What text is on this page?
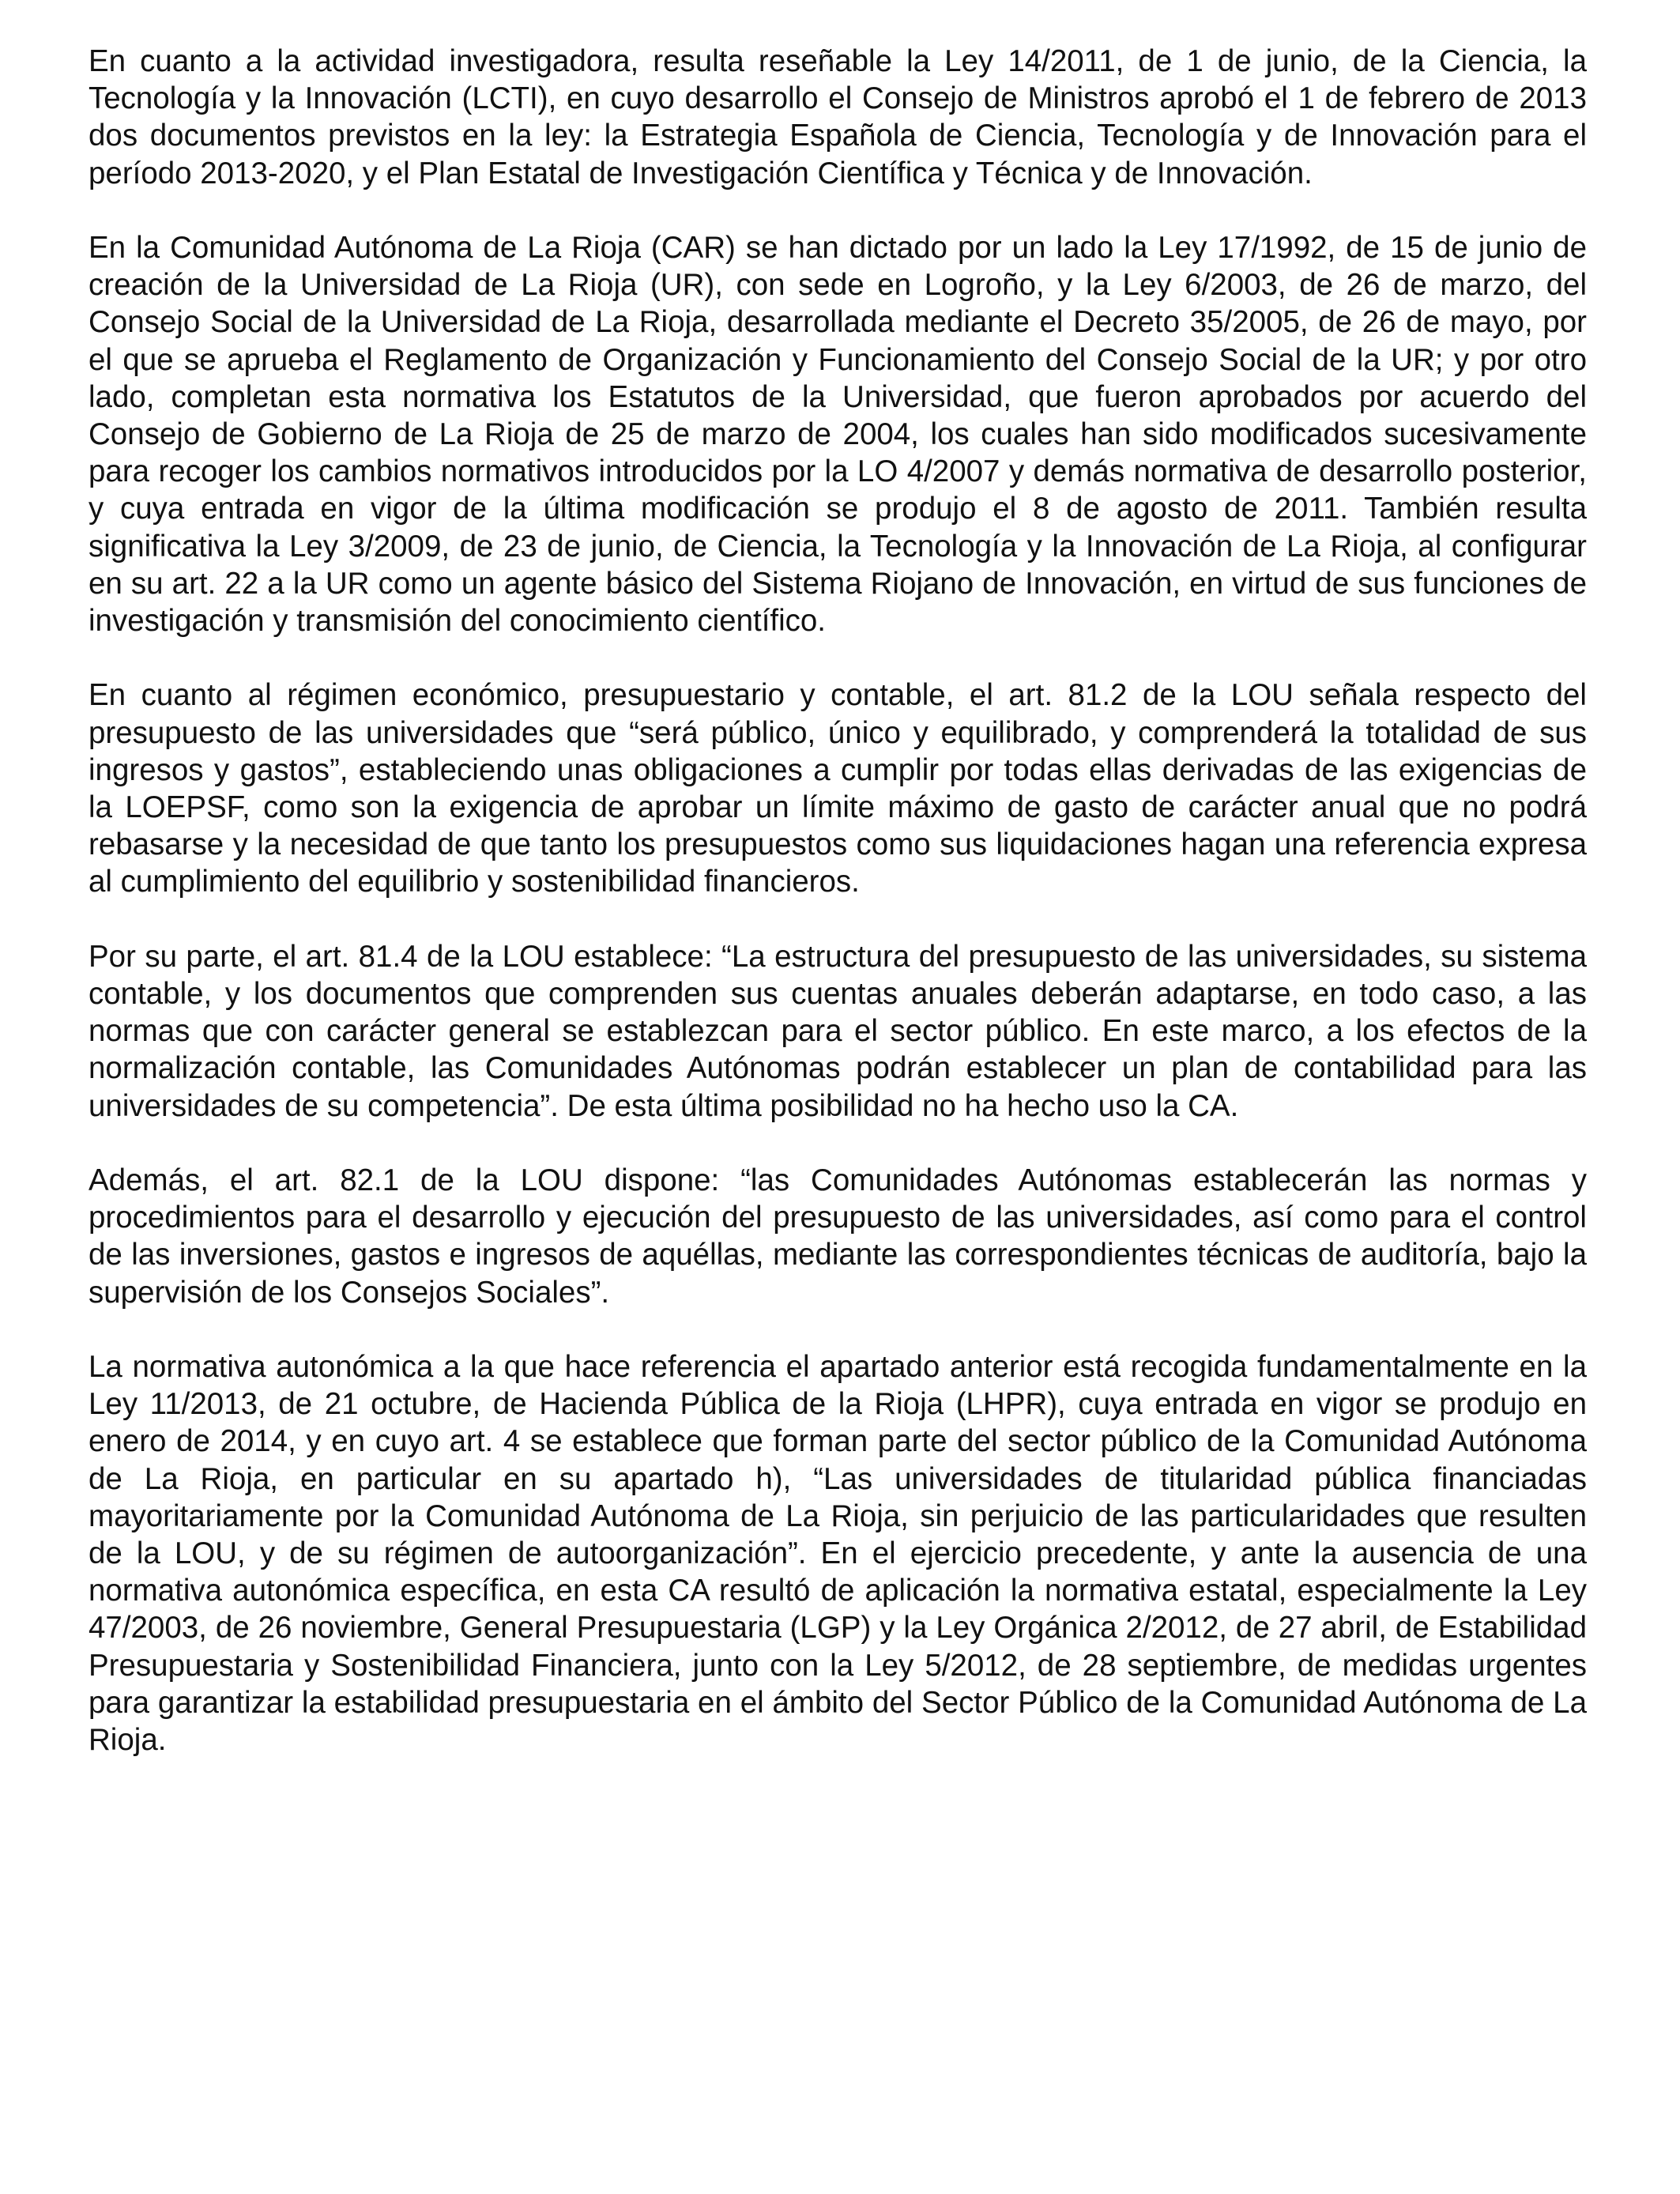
En cuanto a la actividad investigadora, resulta reseñable la Ley 14/2011, de 1 de junio, de la Ciencia, la Tecnología y la Innovación (LCTI), en cuyo desarrollo el Consejo de Ministros aprobó el 1 de febrero de 2013 dos documentos previstos en la ley: la Estrategia Española de Ciencia, Tecnología y de Innovación para el período 2013-2020, y el Plan Estatal de Investigación Científica y Técnica y de Innovación.

En la Comunidad Autónoma de La Rioja (CAR) se han dictado por un lado la Ley 17/1992, de 15 de junio de creación de la Universidad de La Rioja (UR), con sede en Logroño, y la Ley 6/2003, de 26 de marzo, del Consejo Social de la Universidad de La Rioja, desarrollada mediante el Decreto 35/2005, de 26 de mayo, por el que se aprueba el Reglamento de Organización y Funcionamiento del Consejo Social de la UR; y por otro lado, completan esta normativa los Estatutos de la Universidad, que fueron aprobados por acuerdo del Consejo de Gobierno de La Rioja de 25 de marzo de 2004, los cuales han sido modificados sucesivamente para recoger los cambios normativos introducidos por la LO 4/2007 y demás normativa de desarrollo posterior, y cuya entrada en vigor de la última modificación se produjo el 8 de agosto de 2011. También resulta significativa la Ley 3/2009, de 23 de junio, de Ciencia, la Tecnología y la Innovación de La Rioja, al configurar en su art. 22 a la UR como un agente básico del Sistema Riojano de Innovación, en virtud de sus funciones de investigación y transmisión del conocimiento científico.

En cuanto al régimen económico, presupuestario y contable, el art. 81.2 de la LOU señala respecto del presupuesto de las universidades que “será público, único y equilibrado, y comprenderá la totalidad de sus ingresos y gastos”, estableciendo unas obligaciones a cumplir por todas ellas derivadas de las exigencias de la LOEPSF, como son la exigencia de aprobar un límite máximo de gasto de carácter anual que no podrá rebasarse y la necesidad de que tanto los presupuestos como sus liquidaciones hagan una referencia expresa al cumplimiento del equilibrio y sostenibilidad financieros.

Por su parte, el art. 81.4 de la LOU establece: “La estructura del presupuesto de las universidades, su sistema contable, y los documentos que comprenden sus cuentas anuales deberán adaptarse, en todo caso, a las normas que con carácter general se establezcan para el sector público. En este marco, a los efectos de la normalización contable, las Comunidades Autónomas podrán establecer un plan de contabilidad para las universidades de su competencia”. De esta última posibilidad no ha hecho uso la CA.

Además, el art. 82.1 de la LOU dispone: “las Comunidades Autónomas establecerán las normas y procedimientos para el desarrollo y ejecución del presupuesto de las universidades, así como para el control de las inversiones, gastos e ingresos de aquéllas, mediante las correspondientes técnicas de auditoría, bajo la supervisión de los Consejos Sociales”.

La normativa autonómica a la que hace referencia el apartado anterior está recogida fundamentalmente en la Ley 11/2013, de 21 octubre, de Hacienda Pública de la Rioja (LHPR), cuya entrada en vigor se produjo en enero de 2014, y en cuyo art. 4 se establece que forman parte del sector público de la Comunidad Autónoma de La Rioja, en particular en su apartado h), “Las universidades de titularidad pública financiadas mayoritariamente por la Comunidad Autónoma de La Rioja, sin perjuicio de las particularidades que resulten de la LOU, y de su régimen de autoorganización”. En el ejercicio precedente, y ante la ausencia de una normativa autonómica específica, en esta CA resultó de aplicación la normativa estatal, especialmente la Ley 47/2003, de 26 noviembre, General Presupuestaria (LGP) y la Ley Orgánica 2/2012, de 27 abril, de Estabilidad Presupuestaria y Sostenibilidad Financiera, junto con la Ley 5/2012, de 28 septiembre, de medidas urgentes para garantizar la estabilidad presupuestaria en el ámbito del Sector Público de la Comunidad Autónoma de La Rioja.
